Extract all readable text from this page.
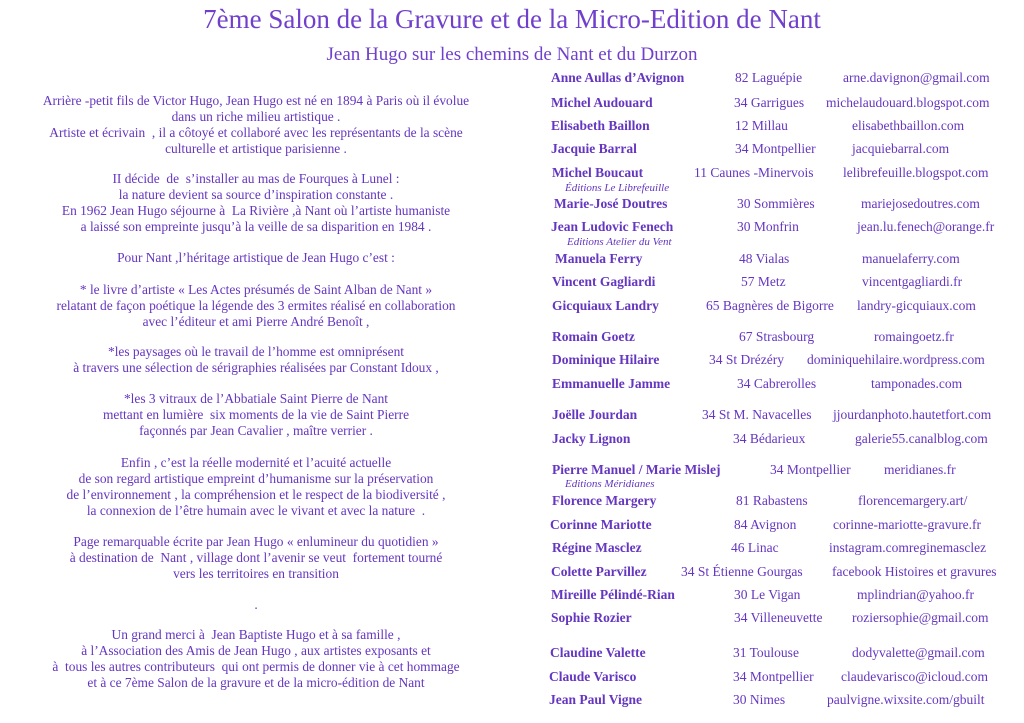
7ème Salon de la Gravure et de la Micro-Edition de Nant
Jean Hugo sur les chemins de Nant et du Durzon
Arrière -petit fils de Victor Hugo, Jean Hugo est né en 1894 à Paris où il évolue
dans un riche milieu artistique .
Artiste et écrivain  , il a côtoyé et collaboré avec les représentants de la scène
culturelle et artistique parisienne .
II décide  de  s’installer au mas de Fourques à Lunel :
la nature devient sa source d’inspiration constante .
En 1962 Jean Hugo séjourne à  La Rivière ,à Nant où l’artiste humaniste
a laissé son empreinte jusqu’à la veille de sa disparition en 1984 .
Pour Nant ,l’héritage artistique de Jean Hugo c’est :
* le livre d’artiste « Les Actes présumés de Saint Alban de Nant »
relatant de façon poétique la légende des 3 ermites réalisé en collaboration
avec l’éditeur et ami Pierre André Benoît ,
*les paysages où le travail de l’homme est omniprésent
à travers une sélection de sérigraphies réalisées par Constant Idoux ,
*les 3 vitraux de l’Abbatiale Saint Pierre de Nant
mettant en lumière  six moments de la vie de Saint Pierre
façonnés par Jean Cavalier , maître verrier .
Enfin , c’est la réelle modernité et l’acuité actuelle
de son regard artistique empreint d’humanisme sur la préservation
de l’environnement , la compréhension et le respect de la biodiversité ,
la connexion de l’être humain avec le vivant et avec la nature  .
Page remarquable écrite par Jean Hugo « enlumineur du quotidien »
à destination de  Nant , village dont l’avenir se veut  fortement tourné
vers les territoires en transition
.
Un grand merci à  Jean Baptiste Hugo et à sa famille ,
à l’Association des Amis de Jean Hugo , aux artistes exposants et
à  tous les autres contributeurs  qui ont permis de donner vie à cet hommage
et à ce 7ème Salon de la gravure et de la micro-édition de Nant
Anne Aullas d’Avignon	82 Laguépie	arne.davignon@gmail.com
Michel Audouard	34 Garrigues michelaudouard.blogspot.com
Elisabeth Baillon	12 Millau	elisabethbaillon.com
Jacquie Barral	34 Montpellier	jacquiebarral.com
Michel Boucaut	11 Caunes -Minervois lelibrefeuille.blogspot.com
Éditions Le Librefeuille
Marie-José Doutres	30 Sommières	mariejosedoutres.com
Jean Ludovic Fenech	30 Monfrin	jean.lu.fenech@orange.fr
Editions Atelier du Vent
Manuela Ferry	48 Vialas	manuelaferry.com
Vincent Gagliardi	57 Metz	vincentgagliardi.fr
Gicquiaux Landry	65 Bagnères de Bigorre landry-gicquiaux.com
Romain Goetz	67 Strasbourg	romaingoetz.fr
Dominique Hilaire	34 St Drézéry dominiquehilaire.wordpress.com
Emmanuelle Jamme	34 Cabrerolles	tamponades.com
Joëlle Jourdan	34 St M. Navacelles jjourdanphoto.hautetfort.com
Jacky Lignon	34 Bédarieux	galerie55.canalblog.com
Pierre Manuel / Marie Mislej	34 Montpellier meridianes.fr
Editions Méridianes
Florence Margery	81 Rabastens	florencemargery.art/
Corinne Mariotte	84 Avignon	corinne-mariotte-gravure.fr
Régine Masclez	46 Linac	instagram.comreginemasclez
Colette Parvillez	34 St Étienne Gourgas facebook Histoires et gravures
Mireille Pélindé-Rian	30 Le Vigan	mplindrian@yahoo.fr
Sophie Rozier	34 Villeneuvette roziersophie@gmail.com
Claudine Valette	31 Toulouse	dodyvalette@gmail.com
Claude Varisco	34 Montpellier claudevarisco@icloud.com
Jean Paul Vigne	30 Nimes	paulvigne.wixsite.com/gbuilt
